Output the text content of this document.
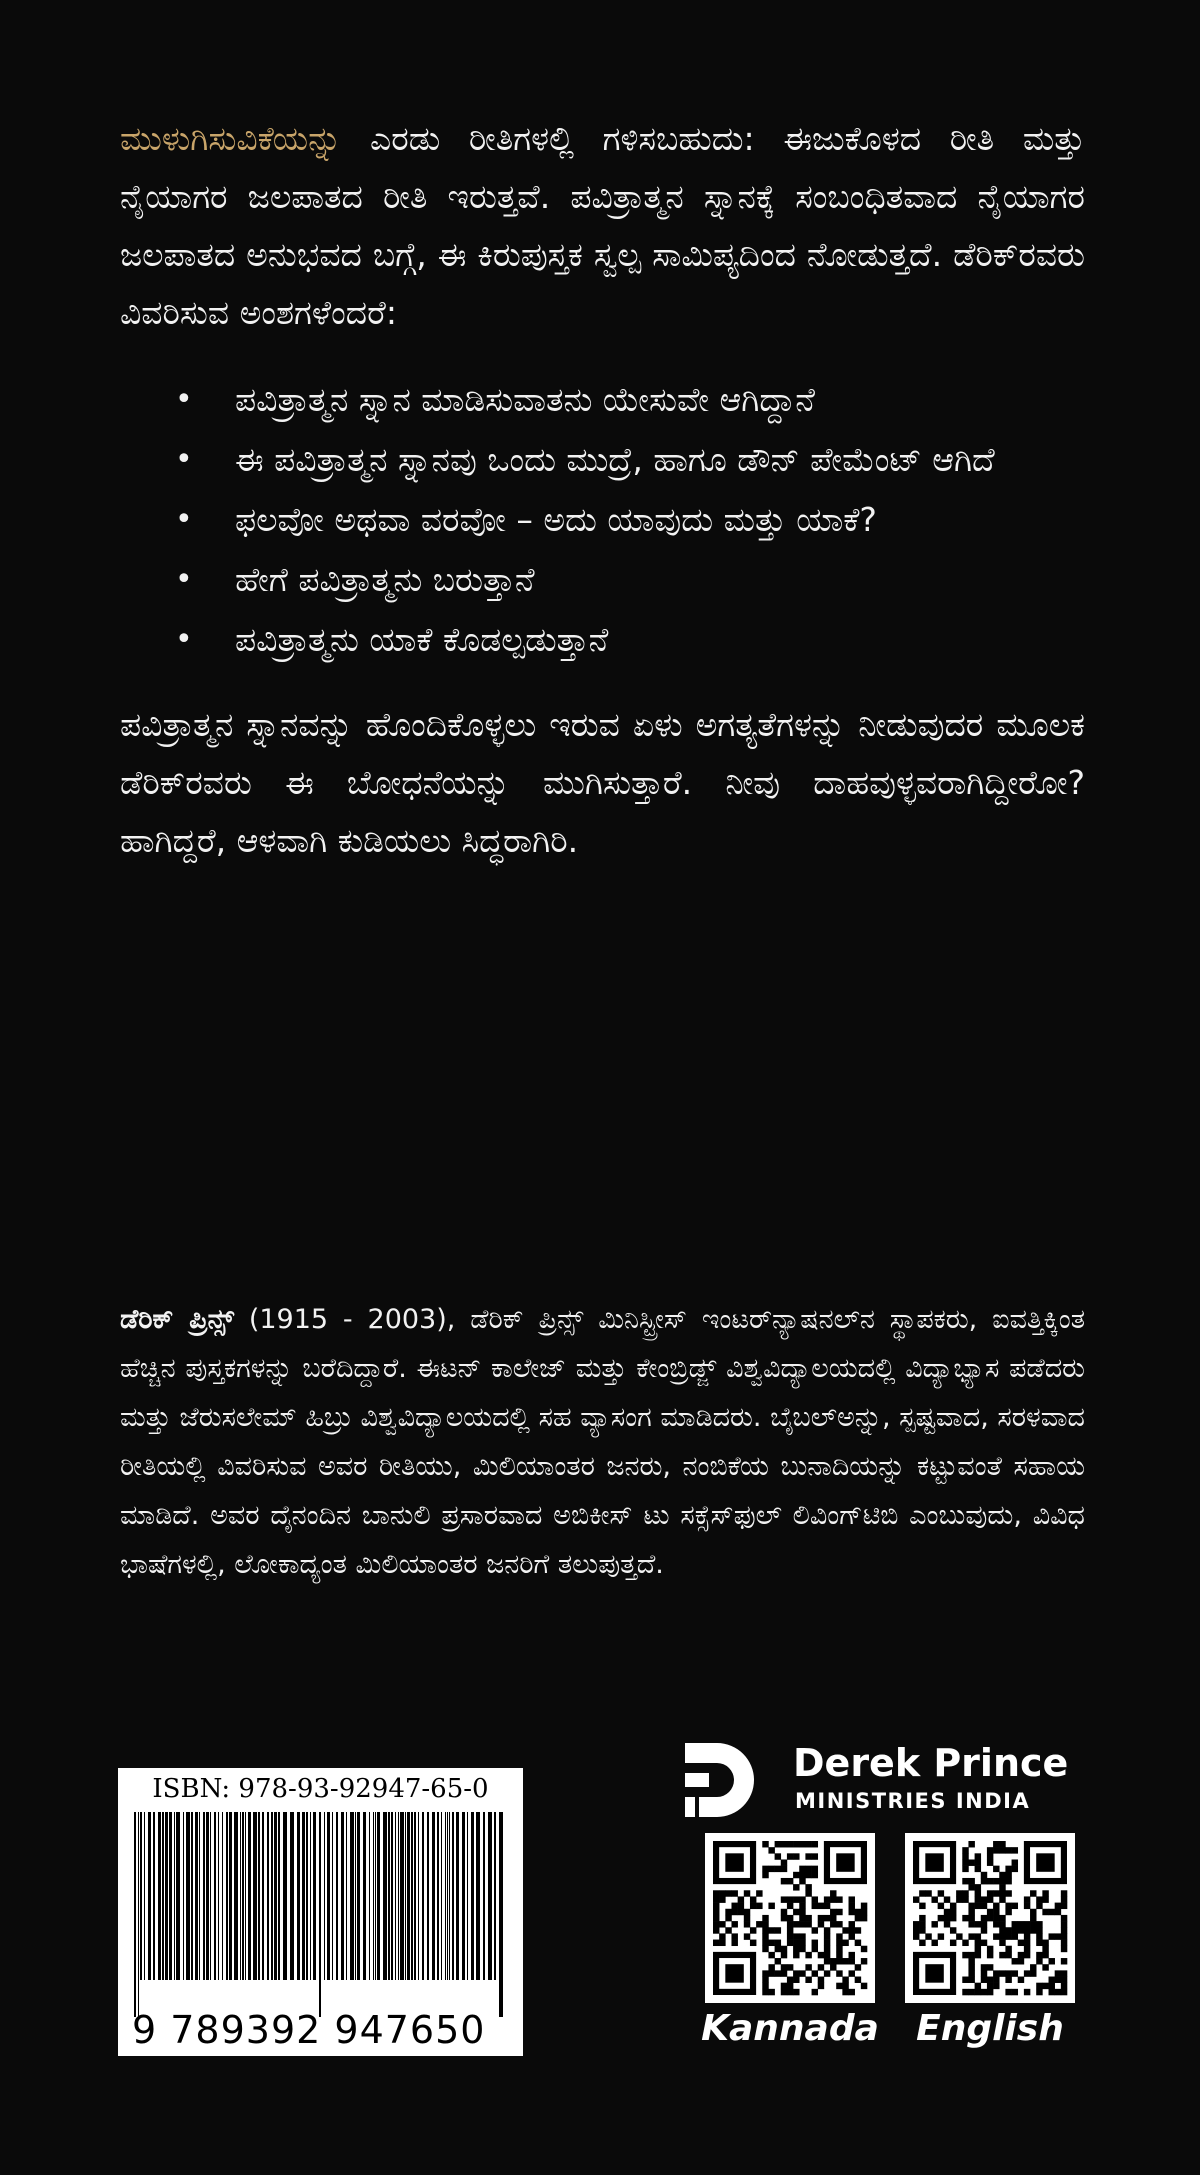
ಮುಳುಗಿಸುವಿಕೆಯನ್ನು ಎರಡು ರೀತಿಗಳಲ್ಲಿ ಗಳಿಸಬಹುದು: ಈಜುಕೊಳದ ರೀತಿ ಮತ್ತು ನೈಯಾಗರ ಜಲಪಾತದ ರೀತಿ ಇರುತ್ತವೆ. ಪವಿತ್ರಾತ್ಮನ ಸ್ನಾನಕ್ಕೆ ಸಂಬಂಧಿತವಾದ ನೈಯಾಗರ ಜಲಪಾತದ ಅನುಭವದ ಬಗ್ಗೆ, ಈ ಕಿರುಪುಸ್ತಕ ಸ್ವಲ್ಪ ಸಾಮಿಪ್ಯದಿಂದ ನೋಡುತ್ತದೆ. ಡೆರಿಕ್‌ರವರು ವಿವರಿಸುವ ಅಂಶಗಳೆಂದರೆ:

• ಪವಿತ್ರಾತ್ಮನ ಸ್ನಾನ ಮಾಡಿಸುವಾತನು ಯೇಸುವೇ ಆಗಿದ್ದಾನೆ
• ಈ ಪವಿತ್ರಾತ್ಮನ ಸ್ನಾನವು ಒಂದು ಮುದ್ರೆ, ಹಾಗೂ ಡೌನ್ ಪೇಮೆಂಟ್ ಆಗಿದೆ
• ಫಲವೋ ಅಥವಾ ವರವೋ – ಅದು ಯಾವುದು ಮತ್ತು ಯಾಕೆ?
• ಹೇಗೆ ಪವಿತ್ರಾತ್ಮನು ಬರುತ್ತಾನೆ
• ಪವಿತ್ರಾತ್ಮನು ಯಾಕೆ ಕೊಡಲ್ಪಡುತ್ತಾನೆ

ಪವಿತ್ರಾತ್ಮನ ಸ್ನಾನವನ್ನು ಹೊಂದಿಕೊಳ್ಳಲು ಇರುವ ಏಳು ಅಗತ್ಯತೆಗಳನ್ನು ನೀಡುವುದರ ಮೂಲಕ ಡೆರಿಕ್‌ರವರು ಈ ಬೋಧನೆಯನ್ನು ಮುಗಿಸುತ್ತಾರೆ. ನೀವು ದಾಹವುಳ್ಳವರಾಗಿದ್ದೀರೋ? ಹಾಗಿದ್ದರೆ, ಆಳವಾಗಿ ಕುಡಿಯಲು ಸಿದ್ಧರಾಗಿರಿ.

ಡೆರಿಕ್ ಪ್ರಿನ್ಸ್ (1915 - 2003), ಡೆರಿಕ್ ಪ್ರಿನ್ಸ್ ಮಿನಿಸ್ಟ್ರೀಸ್ ಇಂಟರ್‌ನ್ಯಾಷನಲ್‌ನ ಸ್ಥಾಪಕರು, ಐವತ್ತಿಕ್ಕಿಂತ ಹೆಚ್ಚಿನ ಪುಸ್ತಕಗಳನ್ನು ಬರೆದಿದ್ದಾರೆ. ಈಟನ್ ಕಾಲೇಜ್ ಮತ್ತು ಕೇಂಬ್ರಿಡ್ಜ್ ವಿಶ್ವವಿದ್ಯಾಲಯದಲ್ಲಿ ವಿದ್ಯಾಭ್ಯಾಸ ಪಡೆದರು ಮತ್ತು ಜೆರುಸಲೇಮ್ ಹಿಬ್ರು ವಿಶ್ವವಿದ್ಯಾಲಯದಲ್ಲಿ ಸಹ ವ್ಯಾಸಂಗ ಮಾಡಿದರು. ಬೈಬಲ್‌ಅನ್ನು, ಸ್ಪಷ್ಟವಾದ, ಸರಳವಾದ ರೀತಿಯಲ್ಲಿ ವಿವರಿಸುವ ಅವರ ರೀತಿಯು, ಮಿಲಿಯಾಂತರ ಜನರು, ನಂಬಿಕೆಯ ಬುನಾದಿಯನ್ನು ಕಟ್ಟುವಂತೆ ಸಹಾಯ ಮಾಡಿದೆ. ಅವರ ದೈನಂದಿನ ಬಾನುಲಿ ಪ್ರಸಾರವಾದ ಅಬಿಕೀಸ್ ಟು ಸಕ್ಸೆಸ್‌ಫುಲ್ ಲಿವಿಂಗ್‌ಟಿಬಿ ಎಂಬುವುದು, ವಿವಿಧ ಭಾಷೆಗಳಲ್ಲಿ, ಲೋಕಾದ್ಯಂತ ಮಿಲಿಯಾಂತರ ಜನರಿಗೆ ತಲುಪುತ್ತದೆ.

ISBN: 978-93-92947-65-0
9 789392 947650
Derek Prince
MINISTRIES INDIA
Kannada	English
